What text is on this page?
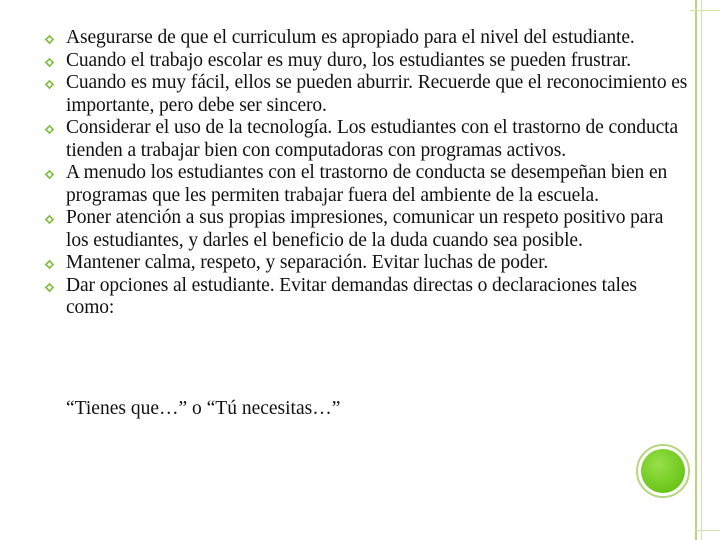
Asegurarse de que el curriculum es apropiado para el nivel del estudiante.
Cuando el trabajo escolar es muy duro, los estudiantes se pueden frustrar.
Cuando es muy fácil, ellos se pueden aburrir. Recuerde que el reconocimiento es importante, pero debe ser sincero.
Considerar el uso de la tecnología. Los estudiantes con el trastorno de conducta tienden a trabajar bien con computadoras con programas activos.
A menudo los estudiantes con el trastorno de conducta se desempeñan bien en programas que les permiten trabajar fuera del ambiente de la escuela.
Poner atención a sus propias impresiones, comunicar un respeto positivo para los estudiantes, y darles el beneficio de la duda cuando sea posible.
Mantener calma, respeto, y separación. Evitar luchas de poder.
Dar opciones al estudiante. Evitar demandas directas o declaraciones tales como:
“Tienes que…” o “Tú necesitas…”
